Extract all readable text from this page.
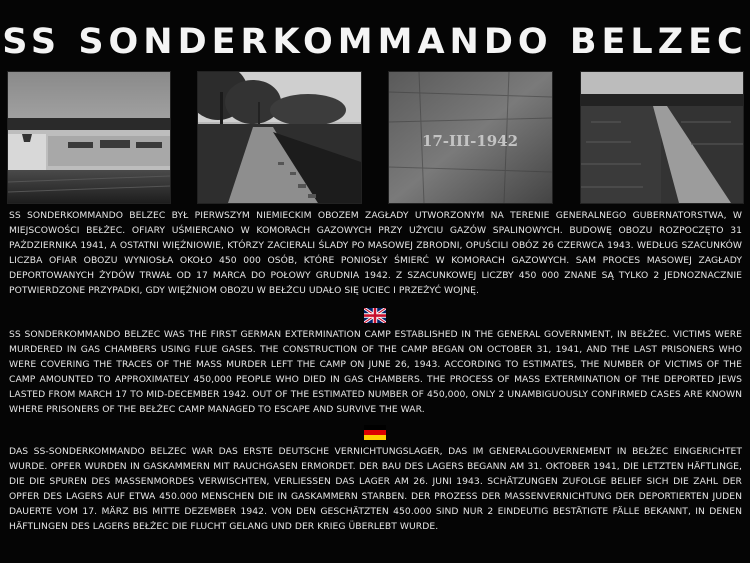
SS SONDERKOMMANDO BELZEC
17-III-1942

SS SONDERKOMMANDO BELZEC BYŁ PIERWSZYM NIEMIECKIM OBOZEM ZAGŁADY UTWORZONYM NA TERENIE GENERALNEGO GUBERNATORSTWA, W MIEJSCOWOŚCI BEŁŻEC. OFIARY UŚMIERCANO W KOMORACH GAZOWYCH PRZY UŻYCIU GAZÓW SPALINOWYCH. BUDOWĘ OBOZU ROZPOCZĘTO 31 PAŹDZIERNIKA 1941, A OSTATNI WIĘŹNIOWIE, KTÓRZY ZACIERALI ŚLADY PO MASOWEJ ZBRODNI, OPUŚCILI OBÓZ 26 CZERWCA 1943. WEDŁUG SZACUNKÓW LICZBA OFIAR OBOZU WYNIOSŁA OKOŁO 450 000 OSÓB, KTÓRE PONIOSŁY ŚMIERĆ W KOMORACH GAZOWYCH. SAM PROCES MASOWEJ ZAGŁADY DEPORTOWANYCH ŻYDÓW TRWAŁ OD 17 MARCA DO POŁOWY GRUDNIA 1942. Z SZACUNKOWEJ LICZBY 450 000 ZNANE SĄ TYLKO 2 JEDNOZNACZNIE POTWIERDZONE PRZYPADKI, GDY WIĘŹNIOM OBOZU W BEŁŻCU UDAŁO SIĘ UCIEC I PRZEŻYĆ WOJNĘ.

SS SONDERKOMMANDO BELZEC WAS THE FIRST GERMAN EXTERMINATION CAMP ESTABLISHED IN THE GENERAL GOVERNMENT, IN BEŁŻEC. VICTIMS WERE MURDERED IN GAS CHAMBERS USING FLUE GASES. THE CONSTRUCTION OF THE CAMP BEGAN ON OCTOBER 31, 1941, AND THE LAST PRISONERS WHO WERE COVERING THE TRACES OF THE MASS MURDER LEFT THE CAMP ON JUNE 26, 1943. ACCORDING TO ESTIMATES, THE NUMBER OF VICTIMS OF THE CAMP AMOUNTED TO APPROXIMATELY 450,000 PEOPLE WHO DIED IN GAS CHAMBERS. THE PROCESS OF MASS EXTERMINATION OF THE DEPORTED JEWS LASTED FROM MARCH 17 TO MID-DECEMBER 1942. OUT OF THE ESTIMATED NUMBER OF 450,000, ONLY 2 UNAMBIGUOUSLY CONFIRMED CASES ARE KNOWN WHERE PRISONERS OF THE BEŁŻEC CAMP MANAGED TO ESCAPE AND SURVIVE THE WAR.

DAS SS-SONDERKOMMANDO BELZEC WAR DAS ERSTE DEUTSCHE VERNICHTUNGSLAGER, DAS IM GENERALGOUVERNEMENT IN BEŁŻEC EINGERICHTET WURDE. OPFER WURDEN IN GASKAMMERN MIT RAUCHGASEN ERMORDET. DER BAU DES LAGERS BEGANN AM 31. OKTOBER 1941, DIE LETZTEN HÄFTLINGE, DIE DIE SPUREN DES MASSENMORDES VERWISCHTEN, VERLIESSEN DAS LAGER AM 26. JUNI 1943. SCHÄTZUNGEN ZUFOLGE BELIEF SICH DIE ZAHL DER OPFER DES LAGERS AUF ETWA 450.000 MENSCHEN DIE IN GASKAMMERN STARBEN. DER PROZESS DER MASSENVERNICHTUNG DER DEPORTIERTEN JUDEN DAUERTE VOM 17. MÄRZ BIS MITTE DEZEMBER 1942. VON DEN GESCHÄTZTEN 450.000 SIND NUR 2 EINDEUTIG BESTÄTIGTE FÄLLE BEKANNT, IN DENEN HÄFTLINGEN DES LAGERS BEŁŻEC DIE FLUCHT GELANG UND DER KRIEG ÜBERLEBT WURDE.
